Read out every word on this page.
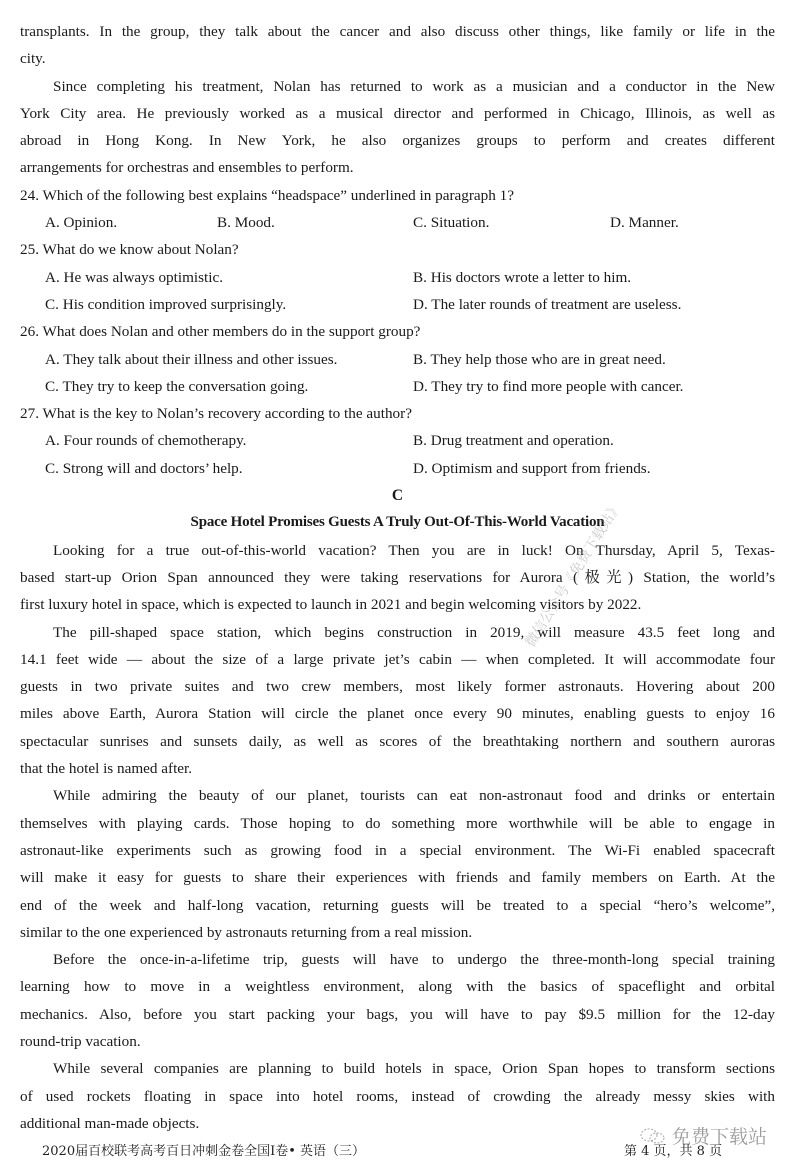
transplants. In the group, they talk about the cancer and also discuss other things, like family or life in the
city.
Since completing his treatment, Nolan has returned to work as a musician and a conductor in the New
York City area. He previously worked as a musical director and performed in Chicago, Illinois, as well as
abroad in Hong Kong. In New York, he also organizes groups to perform and creates different
arrangements for orchestras and ensembles to perform.
24. Which of the following best explains “headspace” underlined in paragraph 1?
A. Opinion.	B. Mood.	C. Situation.	D. Manner.
25. What do we know about Nolan?
A. He was always optimistic.	B. His doctors wrote a letter to him.
C. His condition improved surprisingly.	D. The later rounds of treatment are useless.
26. What does Nolan and other members do in the support group?
A. They talk about their illness and other issues.	B. They help those who are in great need.
C. They try to keep the conversation going.	D. They try to find more people with cancer.
27. What is the key to Nolan’s recovery according to the author?
A. Four rounds of chemotherapy.	B. Drug treatment and operation.
C. Strong will and doctors’ help.	D. Optimism and support from friends.
C
Space Hotel Promises Guests A Truly Out-Of-This-World Vacation
Looking for a true out-of-this-world vacation? Then you are in luck! On Thursday, April 5, Texas-
based start-up Orion Span announced they were taking reservations for Aurora (极光) Station, the world’s
first luxury hotel in space, which is expected to launch in 2021 and begin welcoming visitors by 2022.
The pill-shaped space station, which begins construction in 2019, will measure 43.5 feet long and
14.1 feet wide — about the size of a large private jet’s cabin — when completed. It will accommodate four
guests in two private suites and two crew members, most likely former astronauts. Hovering about 200
miles above Earth, Aurora Station will circle the planet once every 90 minutes, enabling guests to enjoy 16
spectacular sunrises and sunsets daily, as well as scores of the breathtaking northern and southern auroras
that the hotel is named after.
While admiring the beauty of our planet, tourists can eat non-astronaut food and drinks or entertain
themselves with playing cards. Those hoping to do something more worthwhile will be able to engage in
astronaut-like experiments such as growing food in a special environment. The Wi-Fi enabled spacecraft
will make it easy for guests to share their experiences with friends and family members on Earth. At the
end of the week and half-long vacation, returning guests will be treated to a special “hero’s welcome”,
similar to the one experienced by astronauts returning from a real mission.
Before the once-in-a-lifetime trip, guests will have to undergo the three-month-long special training
learning how to move in a weightless environment, along with the basics of spaceflight and orbital
mechanics. Also, before you start packing your bags, you will have to pay $9.5 million for the 12-day
round-trip vacation.
While several companies are planning to build hotels in space, Orion Span hopes to transform sections
of used rockets floating in space into hotel rooms, instead of crowding the already messy skies with
additional man-made objects.
微信公众号《免费下载站》
免费下载站
2020届百校联考高考百日冲刺金卷全国Ⅰ卷• 英语（三）	第 4 页，共 8 页
